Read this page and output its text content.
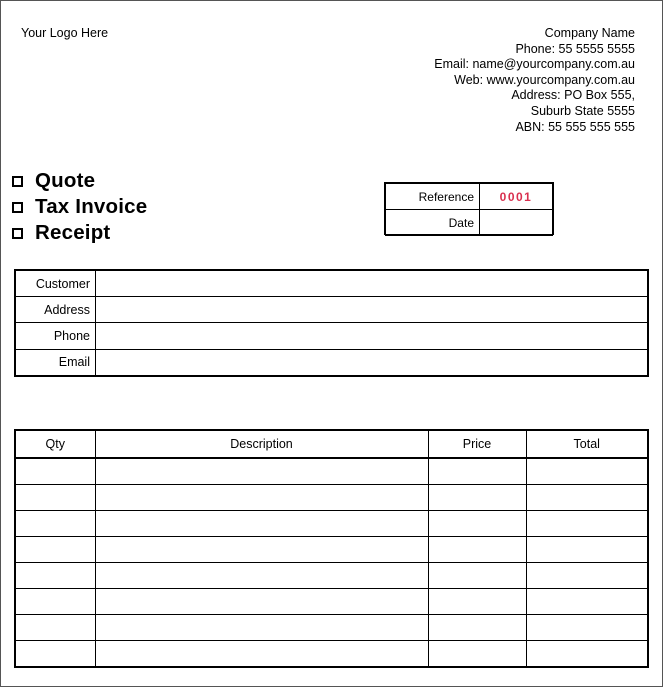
Your Logo Here	Company Name
Phone: 55 5555 5555
Email: name@yourcompany.com.au
Web: www.yourcompany.com.au
Address: PO Box 555,
Suburb State 5555
ABN: 55 555 555 555
Quote
Tax Invoice
Receipt
Reference	0001
Date	
Customer	
Address	
Phone	
Email	
Qty	Description	Price	Total
